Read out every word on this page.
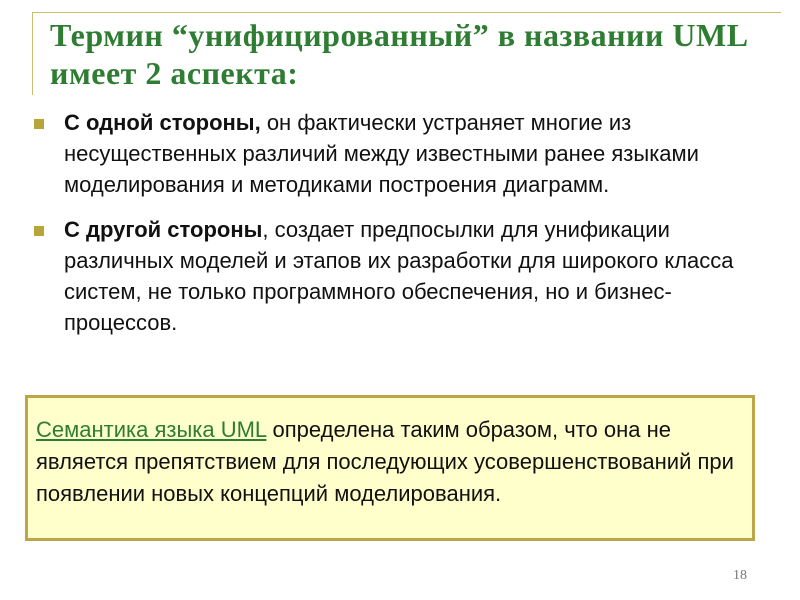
Термин “унифицированный” в названии UML имеет 2 аспекта:
С одной стороны, он фактически устраняет многие из несущественных различий между известными ранее языками моделирования и методиками построения диаграмм.
С другой стороны, создает предпосылки для унификации различных моделей и этапов их разработки для широкого класса систем, не только программного обеспечения, но и бизнес-процессов.

Семантика языка UML определена таким образом, что она не является препятствием для последующих усовершенствований при появлении новых концепций моделирования.

18
